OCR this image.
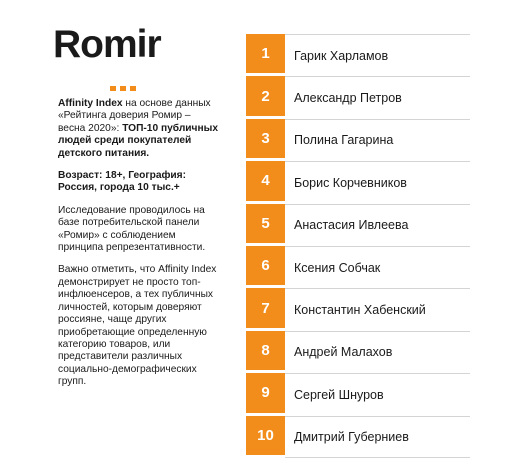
Romir

Affinity Index на основе данных «Рейтинга доверия Ромир – весна 2020»: ТОП-10 публичных людей среди покупателей детского питания.

Возраст: 18+, География: Россия, города 10 тыс.+

Исследование проводилось на базе потребительской панели «Ромир» с соблюдением принципа репрезентативности.

Важно отметить, что Affinity Index демонстрирует не просто топ-инфлюенсеров, а тех публичных личностей, которым доверяют россияне, чаще других приобретающие определенную категорию товаров, или представители различных социально-демографических групп.

1	Гарик Харламов
2	Александр Петров
3	Полина Гагарина
4	Борис Корчевников
5	Анастасия Ивлеева
6	Ксения Собчак
7	Константин Хабенский
8	Андрей Малахов
9	Сергей Шнуров
10	Дмитрий Губерниев
